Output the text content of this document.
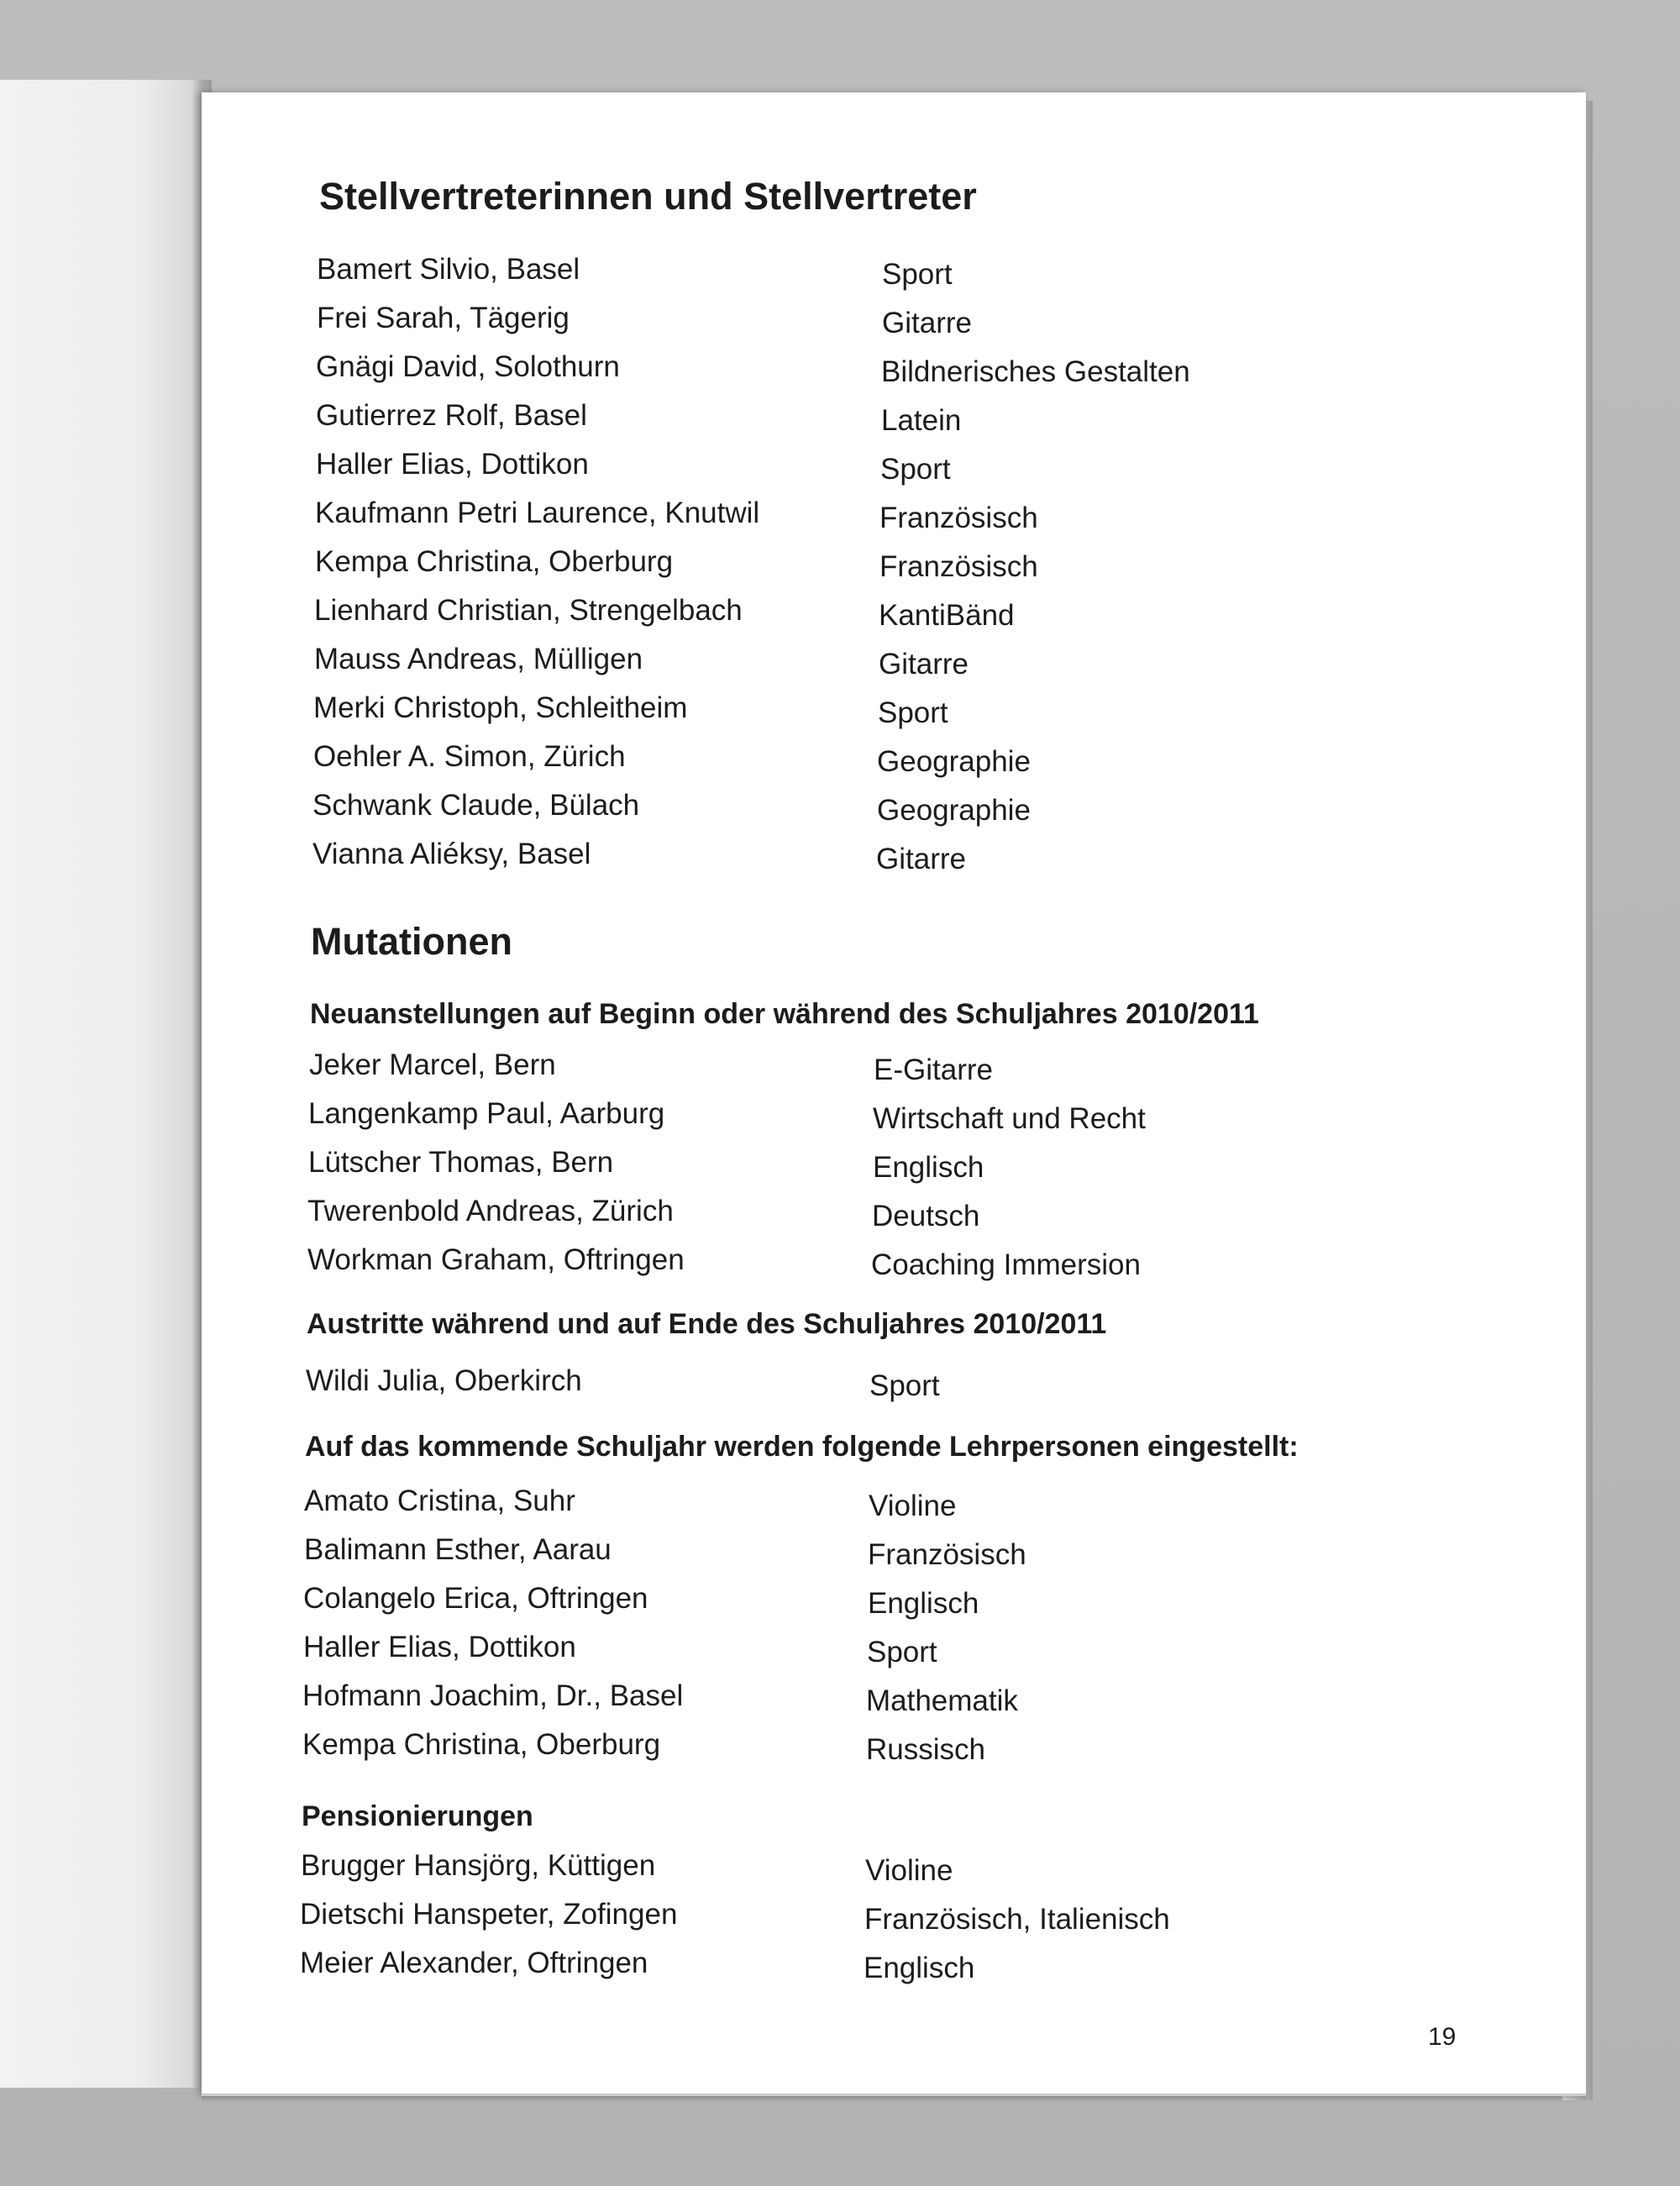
Stellvertreterinnen und Stellvertreter
Bamert Silvio, Basel	Sport
Frei Sarah, Tägerig	Gitarre
Gnägi David, Solothurn	Bildnerisches Gestalten
Gutierrez Rolf, Basel	Latein
Haller Elias, Dottikon	Sport
Kaufmann Petri Laurence, Knutwil	Französisch
Kempa Christina, Oberburg	Französisch
Lienhard Christian, Strengelbach	KantiBänd
Mauss Andreas, Mülligen	Gitarre
Merki Christoph, Schleitheim	Sport
Oehler A. Simon, Zürich	Geographie
Schwank Claude, Bülach	Geographie
Vianna Aliéksy, Basel	Gitarre
Mutationen
Neuanstellungen auf Beginn oder während des Schuljahres 2010/2011
Jeker Marcel, Bern	E-Gitarre
Langenkamp Paul, Aarburg	Wirtschaft und Recht
Lütscher Thomas, Bern	Englisch
Twerenbold Andreas, Zürich	Deutsch
Workman Graham, Oftringen	Coaching Immersion
Austritte während und auf Ende des Schuljahres 2010/2011
Wildi Julia, Oberkirch	Sport
Auf das kommende Schuljahr werden folgende Lehrpersonen eingestellt:
Amato Cristina, Suhr	Violine
Balimann Esther, Aarau	Französisch
Colangelo Erica, Oftringen	Englisch
Haller Elias, Dottikon	Sport
Hofmann Joachim, Dr., Basel	Mathematik
Kempa Christina, Oberburg	Russisch
Pensionierungen
Brugger Hansjörg, Küttigen	Violine
Dietschi Hanspeter, Zofingen	Französisch, Italienisch
Meier Alexander, Oftringen	Englisch
19
